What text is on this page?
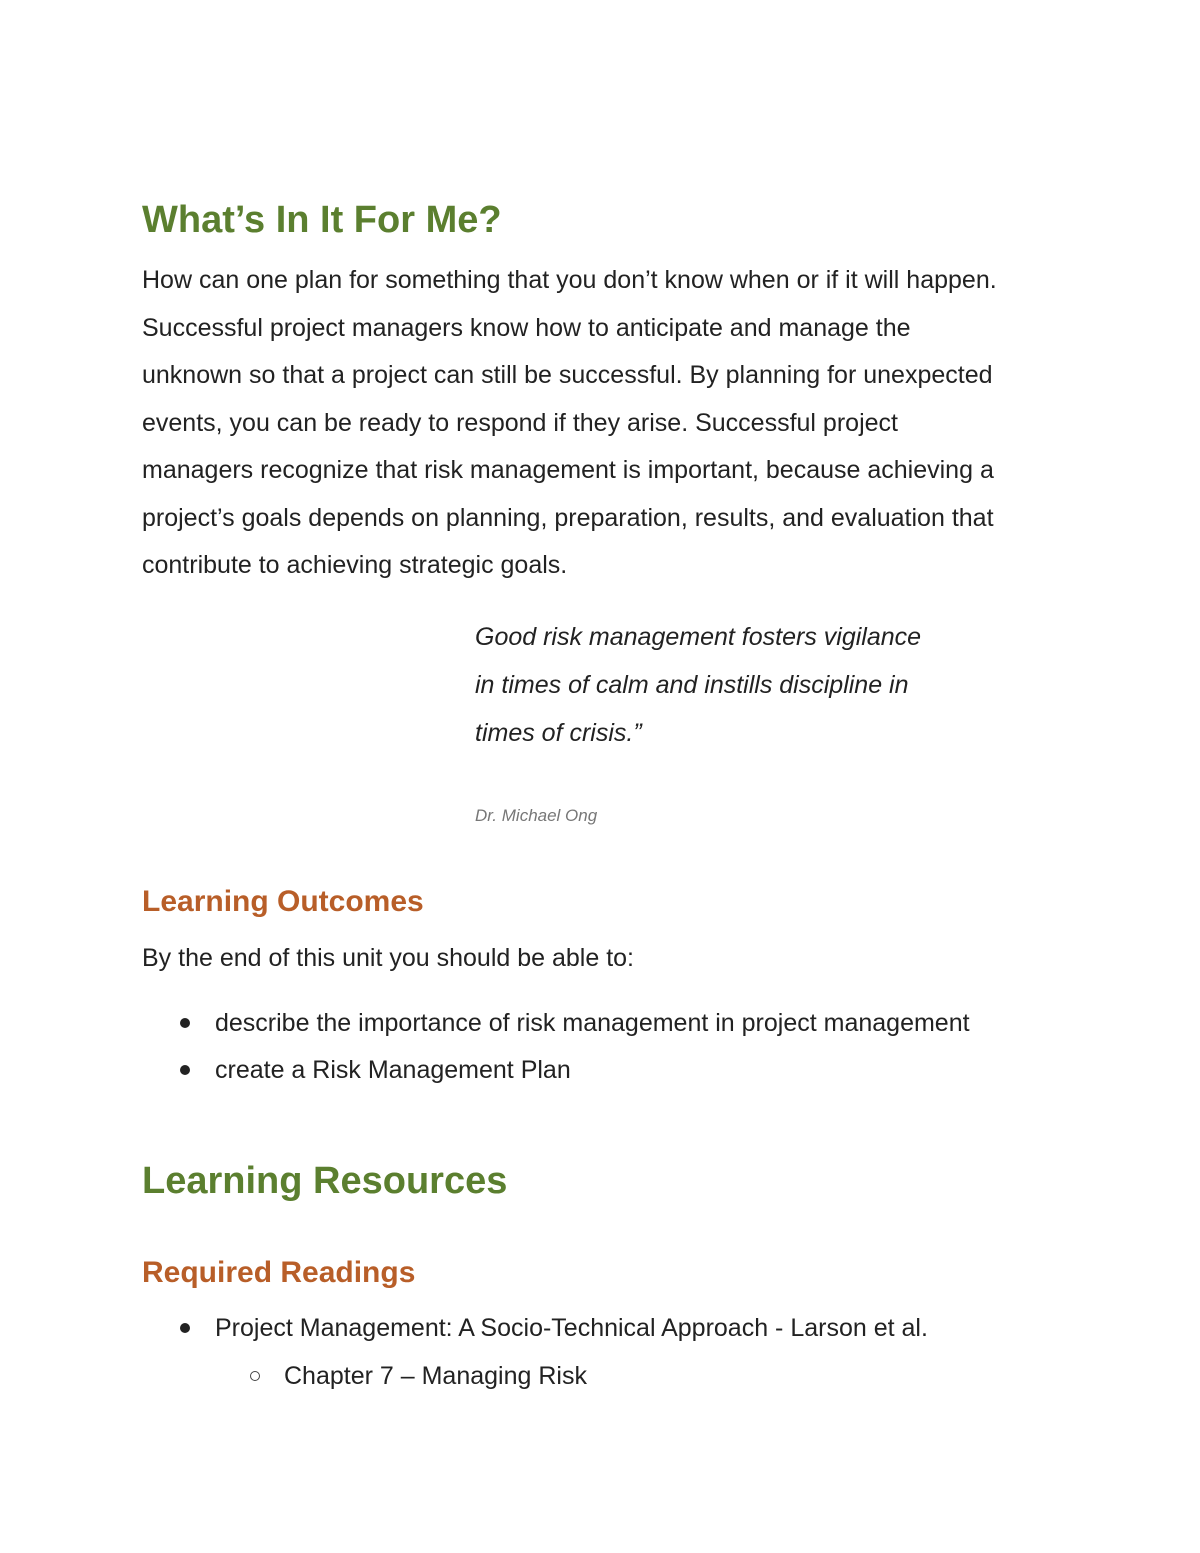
What’s In It For Me?
How can one plan for something that you don’t know when or if it will happen.
Successful project managers know how to anticipate and manage the
unknown so that a project can still be successful. By planning for unexpected
events, you can be ready to respond if they arise. Successful project
managers recognize that risk management is important, because achieving a
project’s goals depends on planning, preparation, results, and evaluation that
contribute to achieving strategic goals.
Good risk management fosters vigilance
in times of calm and instills discipline in
times of crisis.”

Dr. Michael Ong

Learning Outcomes

By the end of this unit you should be able to:

describe the importance of risk management in project management
create a Risk Management Plan
Learning Resources
Required Readings
Project Management: A Socio-Technical Approach - Larson et al.
Chapter 7 – Managing Risk
